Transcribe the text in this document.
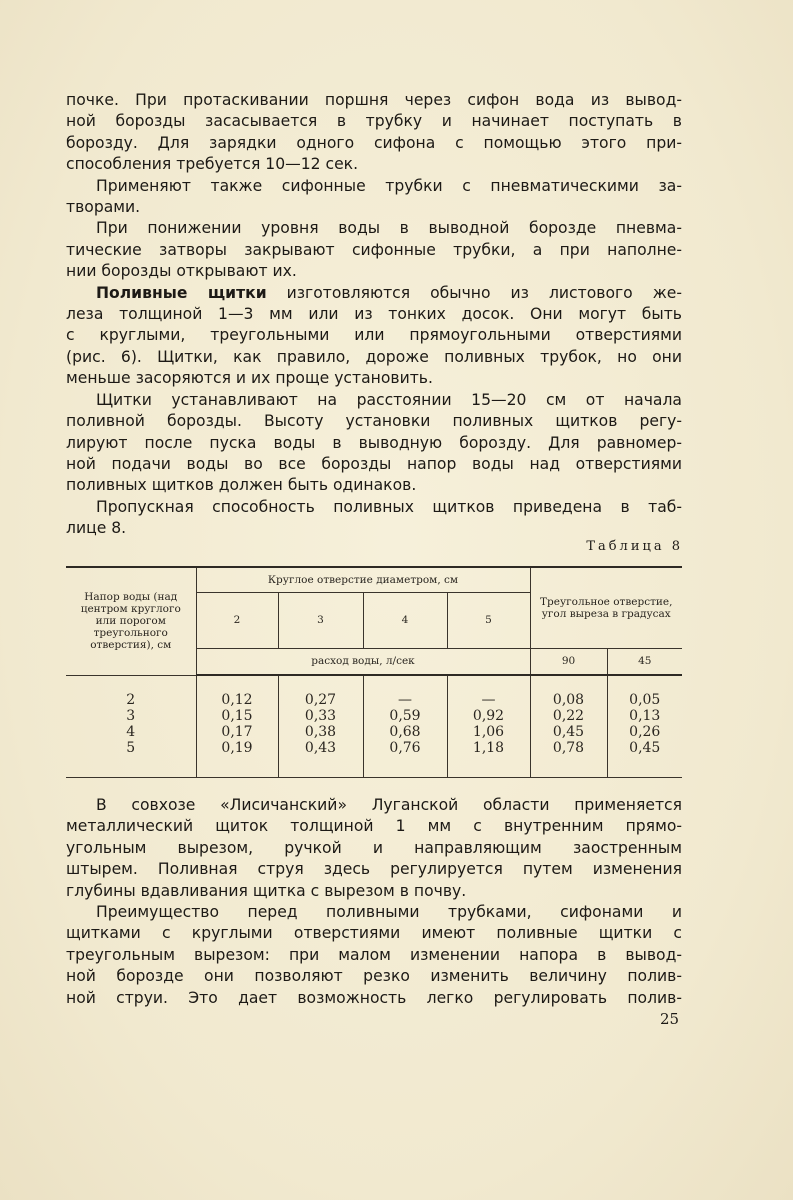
почке. При протаскивании поршня через сифон вода из вывод-
ной борозды засасывается в трубку и начинает поступать в
борозду. Для зарядки одного сифона с помощью этого при-

способления требуется 10—12 сек.

Применяют также сифонные трубки с пневматическими за-

творами.

При понижении уровня воды в выводной борозде пневма-
тические затворы закрывают сифонные трубки, а при наполне-

нии борозды открывают их.

Поливные щитки изготовляются обычно из листового же-
леза толщиной 1—3 мм или из тонких досок. Они могут быть
с круглыми, треугольными или прямоугольными отверстиями
(рис. 6). Щитки, как правило, дороже поливных трубок, но они

меньше засоряются и их проще установить.

Щитки устанавливают на расстоянии 15—20 см от начала
поливной борозды. Высоту установки поливных щитков регу-
лируют после пуска воды в выводную борозду. Для равномер-
ной подачи воды во все борозды напор воды над отверстиями

поливных щитков должен быть одинаков.

Пропускная способность поливных щитков приведена в таб-

лице 8.

Таблица 8
Напор воды (над центром круглого или порогом треугольного отверстия), см	Круглое отверстие диаметром, см				Треугольное отверстие, угол выреза в градусах	
	2	3	4	5		
	расход воды, л/сек				90	45
2	0,12	0,27	—	—	0,08	0,05
3	0,15	0,33	0,59	0,92	0,22	0,13
4	0,17	0,38	0,68	1,06	0,45	0,26
5	0,19	0,43	0,76	1,18	0,78	0,45

В совхозе «Лисичанский» Луганской области применяется
металлический щиток толщиной 1 мм с внутренним прямо-
угольным вырезом, ручкой и направляющим заостренным
штырем. Поливная струя здесь регулируется путем изменения

глубины вдавливания щитка с вырезом в почву.

Преимущество перед поливными трубками, сифонами и
щитками с круглыми отверстиями имеют поливные щитки с
треугольным вырезом: при малом изменении напора в вывод-
ной борозде они позволяют резко изменить величину полив-
ной струи. Это дает возможность легко регулировать полив-

25
